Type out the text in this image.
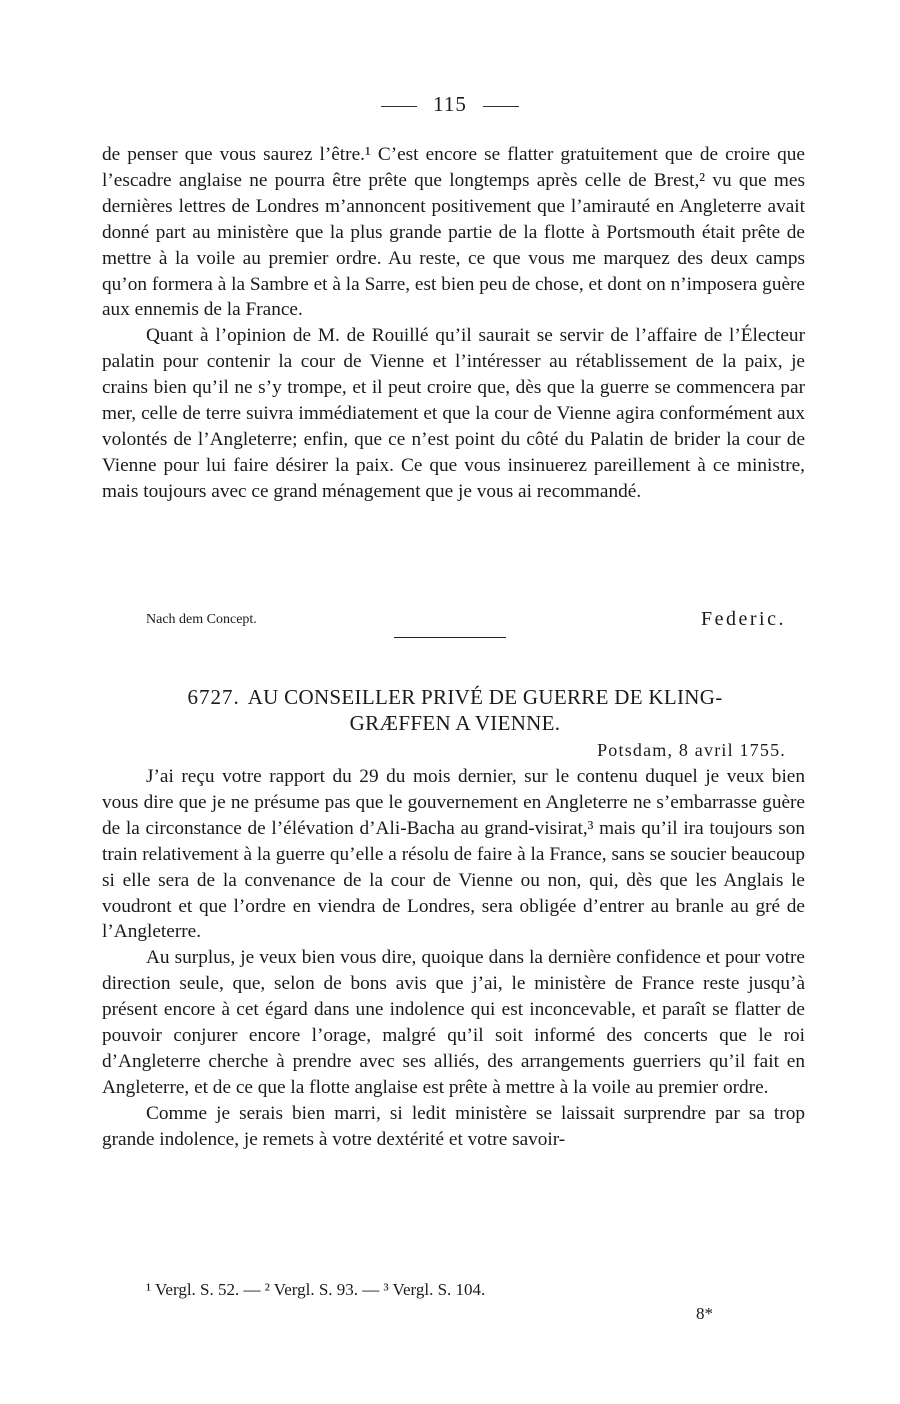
115

de penser que vous saurez l’être.¹ C’est encore se flatter gratuitement que de croire que l’escadre anglaise ne pourra être prête que longtemps après celle de Brest,² vu que mes dernières lettres de Londres m’annoncent positivement que l’amirauté en Angleterre avait donné part au ministère que la plus grande partie de la flotte à Portsmouth était prête de mettre à la voile au premier ordre. Au reste, ce que vous me marquez des deux camps qu’on formera à la Sambre et à la Sarre, est bien peu de chose, et dont on n’imposera guère aux ennemis de la France.

Quant à l’opinion de M. de Rouillé qu’il saurait se servir de l’affaire de l’Électeur palatin pour contenir la cour de Vienne et l’intéresser au rétablissement de la paix, je crains bien qu’il ne s’y trompe, et il peut croire que, dès que la guerre se commencera par mer, celle de terre suivra immédiatement et que la cour de Vienne agira conformément aux volontés de l’Angleterre; enfin, que ce n’est point du côté du Palatin de brider la cour de Vienne pour lui faire désirer la paix. Ce que vous insinuerez pareillement à ce ministre, mais toujours avec ce grand ménagement que je vous ai recommandé.

Nach dem Concept.	Federic.
6727. AU CONSEILLER PRIVÉ DE GUERRE DE KLING-
GRÆFFEN A VIENNE.
Potsdam, 8 avril 1755.

J’ai reçu votre rapport du 29 du mois dernier, sur le contenu duquel je veux bien vous dire que je ne présume pas que le gouvernement en Angleterre ne s’embarrasse guère de la circonstance de l’élévation d’Ali-Bacha au grand-visirat,³ mais qu’il ira toujours son train relativement à la guerre qu’elle a résolu de faire à la France, sans se soucier beaucoup si elle sera de la convenance de la cour de Vienne ou non, qui, dès que les Anglais le voudront et que l’ordre en viendra de Londres, sera obligée d’entrer au branle au gré de l’Angleterre.

Au surplus, je veux bien vous dire, quoique dans la dernière confidence et pour votre direction seule, que, selon de bons avis que j’ai, le ministère de France reste jusqu’à présent encore à cet égard dans une indolence qui est inconcevable, et paraît se flatter de pouvoir conjurer encore l’orage, malgré qu’il soit informé des concerts que le roi d’Angleterre cherche à prendre avec ses alliés, des arrangements guerriers qu’il fait en Angleterre, et de ce que la flotte anglaise est prête à mettre à la voile au premier ordre.

Comme je serais bien marri, si ledit ministère se laissait surprendre par sa trop grande indolence, je remets à votre dextérité et votre savoir-

¹ Vergl. S. 52. — ² Vergl. S. 93. — ³ Vergl. S. 104.
8*
